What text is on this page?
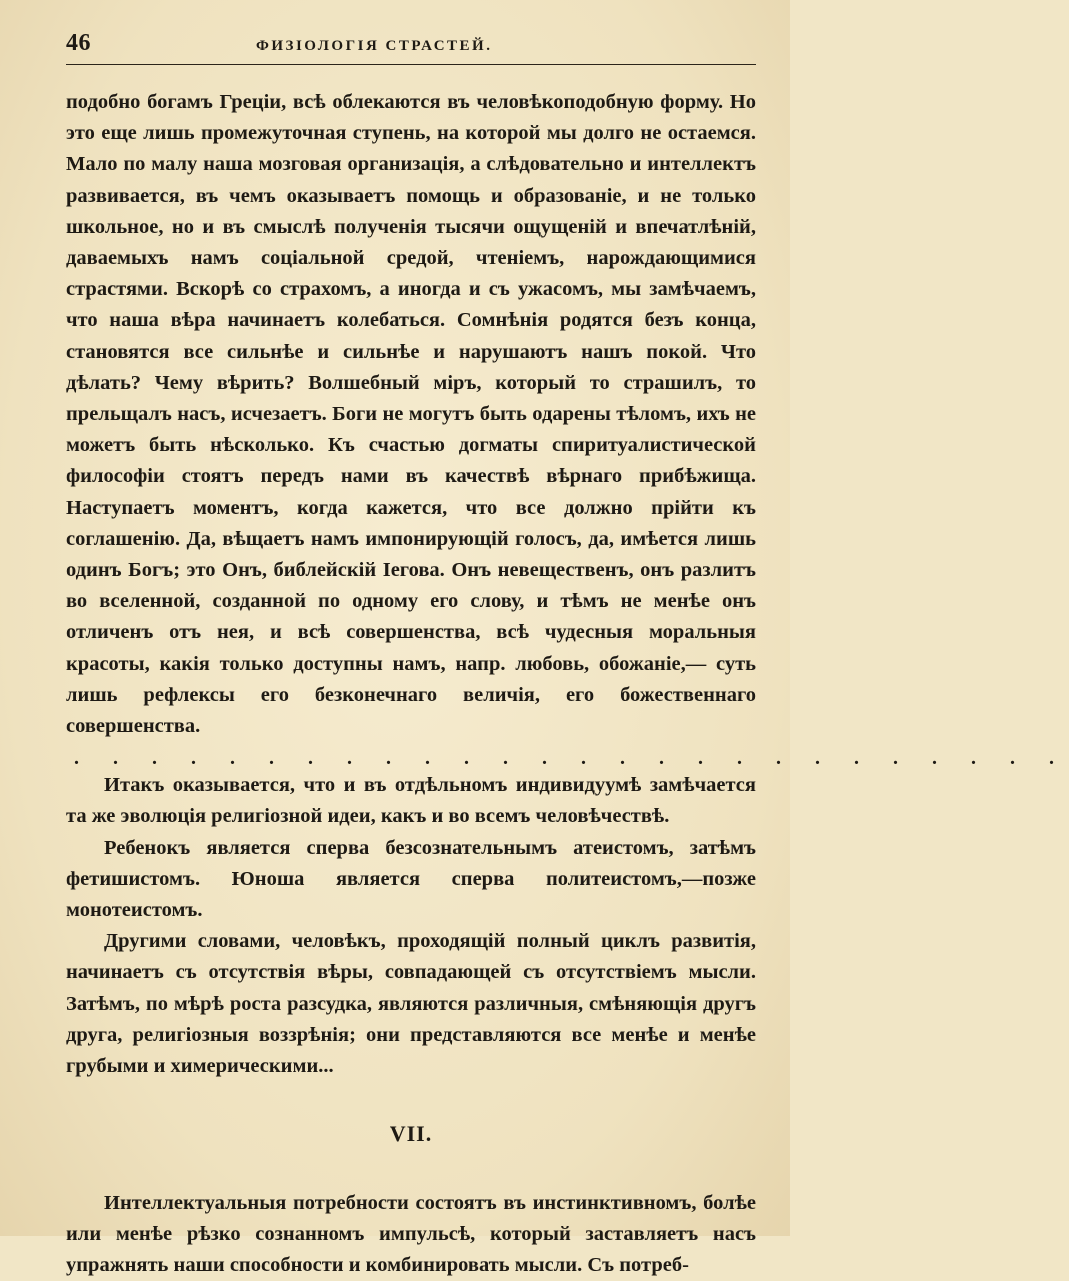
46	ФИЗІОЛОГІЯ СТРАСТЕЙ.

подобно богамъ Греціи, всѣ облекаются въ человѣкоподобную форму. Но это еще лишь промежуточная ступень, на которой мы долго не остаемся. Мало по малу наша мозговая организація, а слѣдовательно и интеллектъ развивается, въ чемъ оказываетъ помощь и образованіе, и не только школьное, но и въ смыслѣ полученія тысячи ощущеній и впечатлѣній, даваемыхъ намъ соціальной средой, чтеніемъ, нарождающимися страстями. Вскорѣ со страхомъ, а иногда и съ ужасомъ, мы замѣчаемъ, что наша вѣра начинаетъ колебаться. Сомнѣнія родятся безъ конца, становятся все сильнѣе и сильнѣе и нарушаютъ нашъ покой. Что дѣлать? Чему вѣрить? Волшебный міръ, который то страшилъ, то прельщалъ насъ, исчезаетъ. Боги не могутъ быть одарены тѣломъ, ихъ не можетъ быть нѣсколько. Къ счастью догматы спиритуалистической философіи стоятъ передъ нами въ качествѣ вѣрнаго прибѣжища. Наступаетъ моментъ, когда кажется, что все должно прійти къ соглашенію. Да, вѣщаетъ намъ импонирующій голосъ, да, имѣется лишь одинъ Богъ; это Онъ, библейскій Іегова. Онъ невещественъ, онъ разлитъ во вселенной, созданной по одному его слову, и тѣмъ не менѣе онъ отличенъ отъ нея, и всѣ совершенства, всѣ чудесныя моральныя красоты, какія только доступны намъ, напр. любовь, обожаніе,— суть лишь рефлексы его безконечнаго величія, его божественнаго совершенства.

. . . . . . . . . . . . . . . . . . . . . . . . . .

Итакъ оказывается, что и въ отдѣльномъ индивидуумѣ замѣчается та же эволюція религіозной идеи, какъ и во всемъ человѣчествѣ.

Ребенокъ является сперва безсознательнымъ атеистомъ, затѣмъ фетишистомъ. Юноша является сперва политеистомъ,—позже монотеистомъ.

Другими словами, человѣкъ, проходящій полный циклъ развитія, начинаетъ съ отсутствія вѣры, совпадающей съ отсутствіемъ мысли. Затѣмъ, по мѣрѣ роста разсудка, являются различныя, смѣняющія другъ друга, религіозныя воззрѣнія; они представляются все менѣе и менѣе грубыми и химерическими...

VII.

Интеллектуальныя потребности состоятъ въ инстинктивномъ, болѣе или менѣе рѣзко сознанномъ импульсѣ, который заставляетъ насъ упражнять наши способности и комбинировать мысли. Съ потреб-
